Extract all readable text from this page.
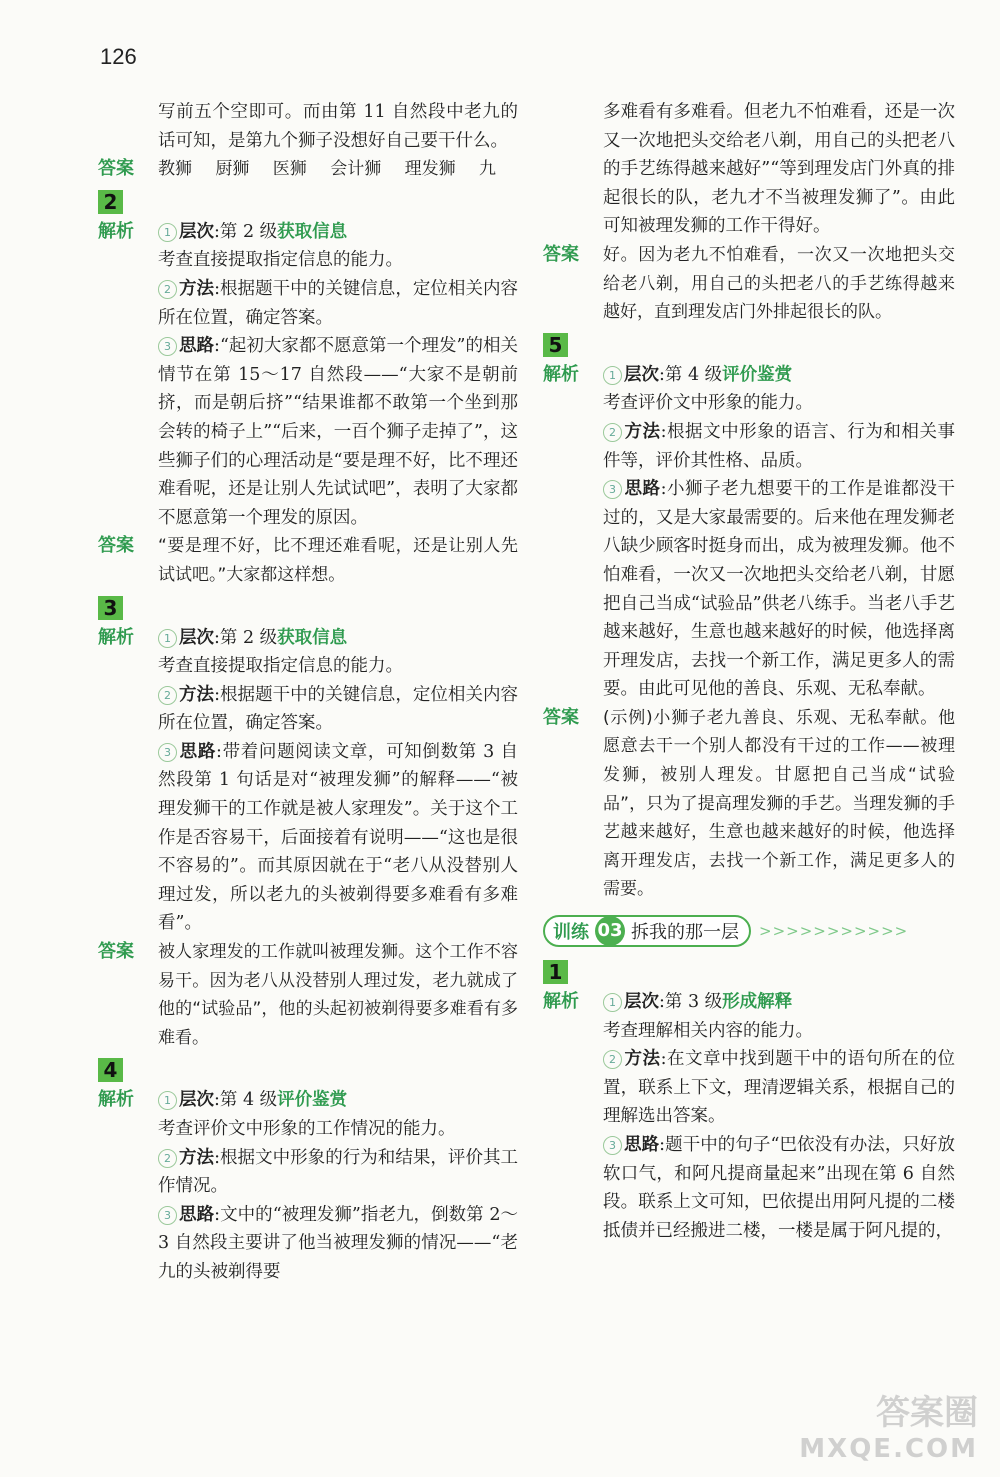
126

写前五个空即可。而由第 11 自然段中老九的话可知，是第九个狮子没想好自己要干什么。

答案 教狮 厨狮 医狮 会计狮 理发狮 九

2
解析	1 层次:第 2 级获取信息

考查直接提取指定信息的能力。

2 方法:根据题干中的关键信息，定位相关内容所在位置，确定答案。

3 思路:“起初大家都不愿意第一个理发”的相关情节在第 15～17 自然段——“大家不是朝前挤，而是朝后挤”“结果谁都不敢第一个坐到那会转的椅子上”“后来，一百个狮子走掉了”，这些狮子们的心理活动是“要是理不好，比不理还难看呢，还是让别人先试试吧”，表明了大家都不愿意第一个理发的原因。

答案 “要是理不好，比不理还难看呢，还是让别人先试试吧。”大家都这样想。

3
解析	1 层次:第 2 级获取信息

考查直接提取指定信息的能力。

2 方法:根据题干中的关键信息，定位相关内容所在位置，确定答案。

3 思路:带着问题阅读文章，可知倒数第 3 自然段第 1 句话是对“被理发狮”的解释——“被理发狮干的工作就是被人家理发”。关于这个工作是否容易干，后面接着有说明——“这也是很不容易的”。而其原因就在于“老八从没替别人理过发，所以老九的头被剃得要多难看有多难看”。

答案 被人家理发的工作就叫被理发狮。这个工作不容易干。因为老八从没替别人理过发，老九就成了他的“试验品”，他的头起初被剃得要多难看有多难看。

4
解析	1 层次:第 4 级评价鉴赏

考查评价文中形象的工作情况的能力。

2 方法:根据文中形象的行为和结果，评价其工作情况。

3 思路:文中的“被理发狮”指老九，倒数第 2～3 自然段主要讲了他当被理发狮的情况——“老九的头被剃得要

多难看有多难看。但老九不怕难看，还是一次又一次地把头交给老八剃，用自己的头把老八的手艺练得越来越好”“等到理发店门外真的排起很长的队，老九才不当被理发狮了”。由此可知被理发狮的工作干得好。

答案 好。因为老九不怕难看，一次又一次地把头交给老八剃，用自己的头把老八的手艺练得越来越好，直到理发店门外排起很长的队。

5
解析	1 层次:第 4 级评价鉴赏

考查评价文中形象的能力。

2 方法:根据文中形象的语言、行为和相关事件等，评价其性格、品质。

3 思路:小狮子老九想要干的工作是谁都没干过的，又是大家最需要的。后来他在理发狮老八缺少顾客时挺身而出，成为被理发狮。他不怕难看，一次又一次地把头交给老八剃，甘愿把自己当成“试验品”供老八练手。当老八手艺越来越好，生意也越来越好的时候，他选择离开理发店，去找一个新工作，满足更多人的需要。由此可见他的善良、乐观、无私奉献。

答案 (示例)小狮子老九善良、乐观、无私奉献。他愿意去干一个别人都没有干过的工作——被理发狮，被别人理发。甘愿把自己当成“试验品”，只为了提高理发狮的手艺。当理发狮的手艺越来越好，生意也越来越好的时候，他选择离开理发店，去找一个新工作，满足更多人的需要。

训练 03 拆我的那一层 >>>>>>>>>>>
1
解析	1 层次:第 3 级形成解释

考查理解相关内容的能力。

2 方法:在文章中找到题干中的语句所在的位置，联系上下文，理清逻辑关系，根据自己的理解选出答案。

3 思路:题干中的句子“巴依没有办法，只好放软口气，和阿凡提商量起来”出现在第 6 自然段。联系上文可知，巴依提出用阿凡提的二楼抵债并已经搬进二楼，一楼是属于阿凡提的，

答案圈
MXQE.COM
